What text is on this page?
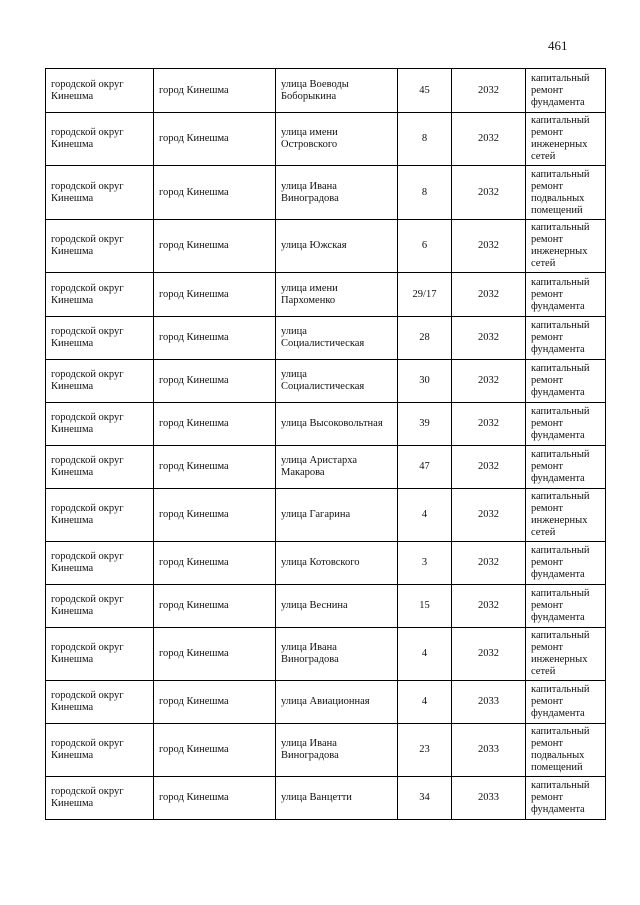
461
городской округ Кинешма	город Кинешма	улица Воеводы Боборыкина	45	2032	капитальный ремонт фундамента
городской округ Кинешма	город Кинешма	улица имени Островского	8	2032	капитальный ремонт инженерных сетей
городской округ Кинешма	город Кинешма	улица Ивана Виноградова	8	2032	капитальный ремонт подвальных помещений
городской округ Кинешма	город Кинешма	улица Южская	6	2032	капитальный ремонт инженерных сетей
городской округ Кинешма	город Кинешма	улица имени Пархоменко	29/17	2032	капитальный ремонт фундамента
городской округ Кинешма	город Кинешма	улица Социалистическая	28	2032	капитальный ремонт фундамента
городской округ Кинешма	город Кинешма	улица Социалистическая	30	2032	капитальный ремонт фундамента
городской округ Кинешма	город Кинешма	улица Высоковольтная	39	2032	капитальный ремонт фундамента
городской округ Кинешма	город Кинешма	улица Аристарха Макарова	47	2032	капитальный ремонт фундамента
городской округ Кинешма	город Кинешма	улица Гагарина	4	2032	капитальный ремонт инженерных сетей
городской округ Кинешма	город Кинешма	улица Котовского	3	2032	капитальный ремонт фундамента
городской округ Кинешма	город Кинешма	улица Веснина	15	2032	капитальный ремонт фундамента
городской округ Кинешма	город Кинешма	улица Ивана Виноградова	4	2032	капитальный ремонт инженерных сетей
городской округ Кинешма	город Кинешма	улица Авиационная	4	2033	капитальный ремонт фундамента
городской округ Кинешма	город Кинешма	улица Ивана Виноградова	23	2033	капитальный ремонт подвальных помещений
городской округ Кинешма	город Кинешма	улица Ванцетти	34	2033	капитальный ремонт фундамента
